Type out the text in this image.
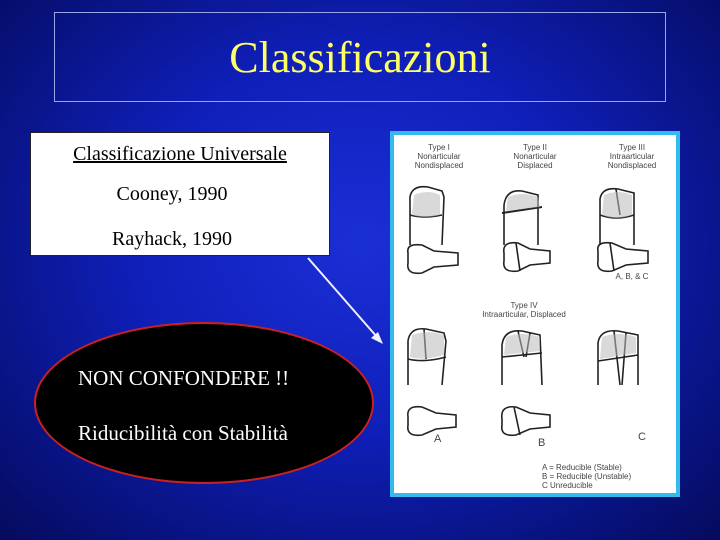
Classificazioni
Classificazione Universale
Cooney, 1990
Rayhack, 1990
NON CONFONDERE !!
Riducibilità con Stabilità
Type I
Nonarticular
Nondisplaced
Type II
Nonarticular
Displaced
Type III
Intraarticular
Nondisplaced
A, B, & C
Type IV
Intraarticular, Displaced
A	B	C
A = Reducible (Stable)
B = Reducible (Unstable)
C Unreducible
